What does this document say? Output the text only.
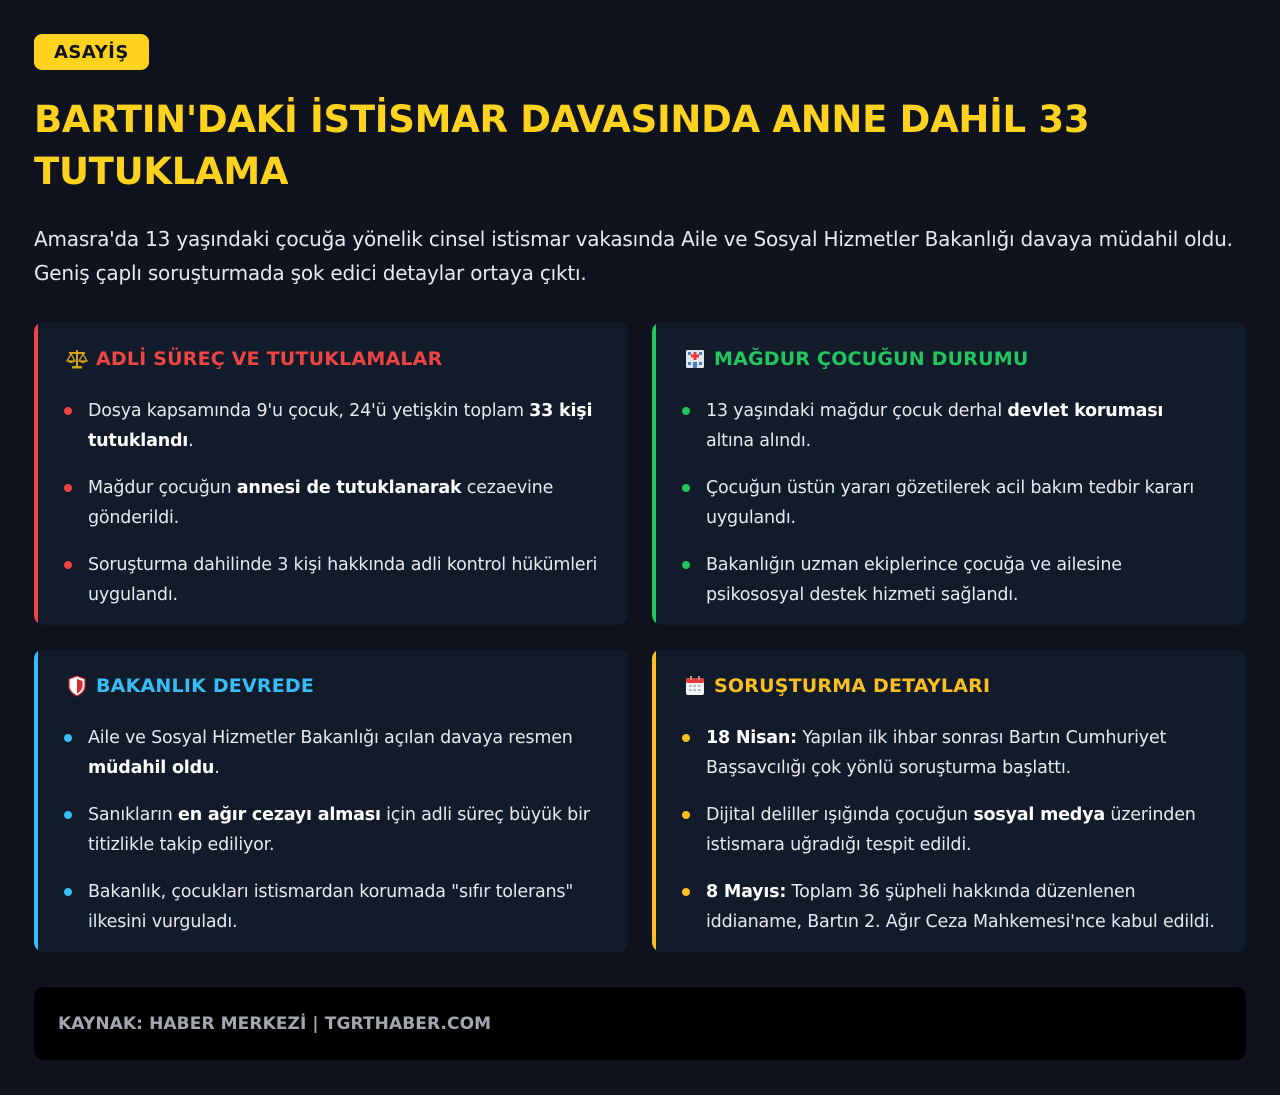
ASAYİŞ
BARTIN'DAKİ İSTİSMAR DAVASINDA ANNE DAHİL 33 TUTUKLAMA

Amasra'da 13 yaşındaki çocuğa yönelik cinsel istismar vakasında Aile ve Sosyal Hizmetler Bakanlığı davaya müdahil oldu. Geniş çaplı soruşturmada şok edici detaylar ortaya çıktı.

ADLİ SÜREÇ VE TUTUKLAMALAR
Dosya kapsamında 9'u çocuk, 24'ü yetişkin toplam 33 kişi tutuklandı.
Mağdur çocuğun annesi de tutuklanarak cezaevine gönderildi.
Soruşturma dahilinde 3 kişi hakkında adli kontrol hükümleri uygulandı.
MAĞDUR ÇOCUĞUN DURUMU
13 yaşındaki mağdur çocuk derhal devlet koruması altına alındı.
Çocuğun üstün yararı gözetilerek acil bakım tedbir kararı uygulandı.
Bakanlığın uzman ekiplerince çocuğa ve ailesine psikososyal destek hizmeti sağlandı.
BAKANLIK DEVREDE
Aile ve Sosyal Hizmetler Bakanlığı açılan davaya resmen müdahil oldu.
Sanıkların en ağır cezayı alması için adli süreç büyük bir titizlikle takip ediliyor.
Bakanlık, çocukları istismardan korumada "sıfır tolerans" ilkesini vurguladı.
SORUŞTURMA DETAYLARI
18 Nisan: Yapılan ilk ihbar sonrası Bartın Cumhuriyet Başsavcılığı çok yönlü soruşturma başlattı.
Dijital deliller ışığında çocuğun sosyal medya üzerinden istismara uğradığı tespit edildi.
8 Mayıs: Toplam 36 şüpheli hakkında düzenlenen iddianame, Bartın 2. Ağır Ceza Mahkemesi'nce kabul edildi.
KAYNAK: HABER MERKEZİ | TGRTHABER.COM
